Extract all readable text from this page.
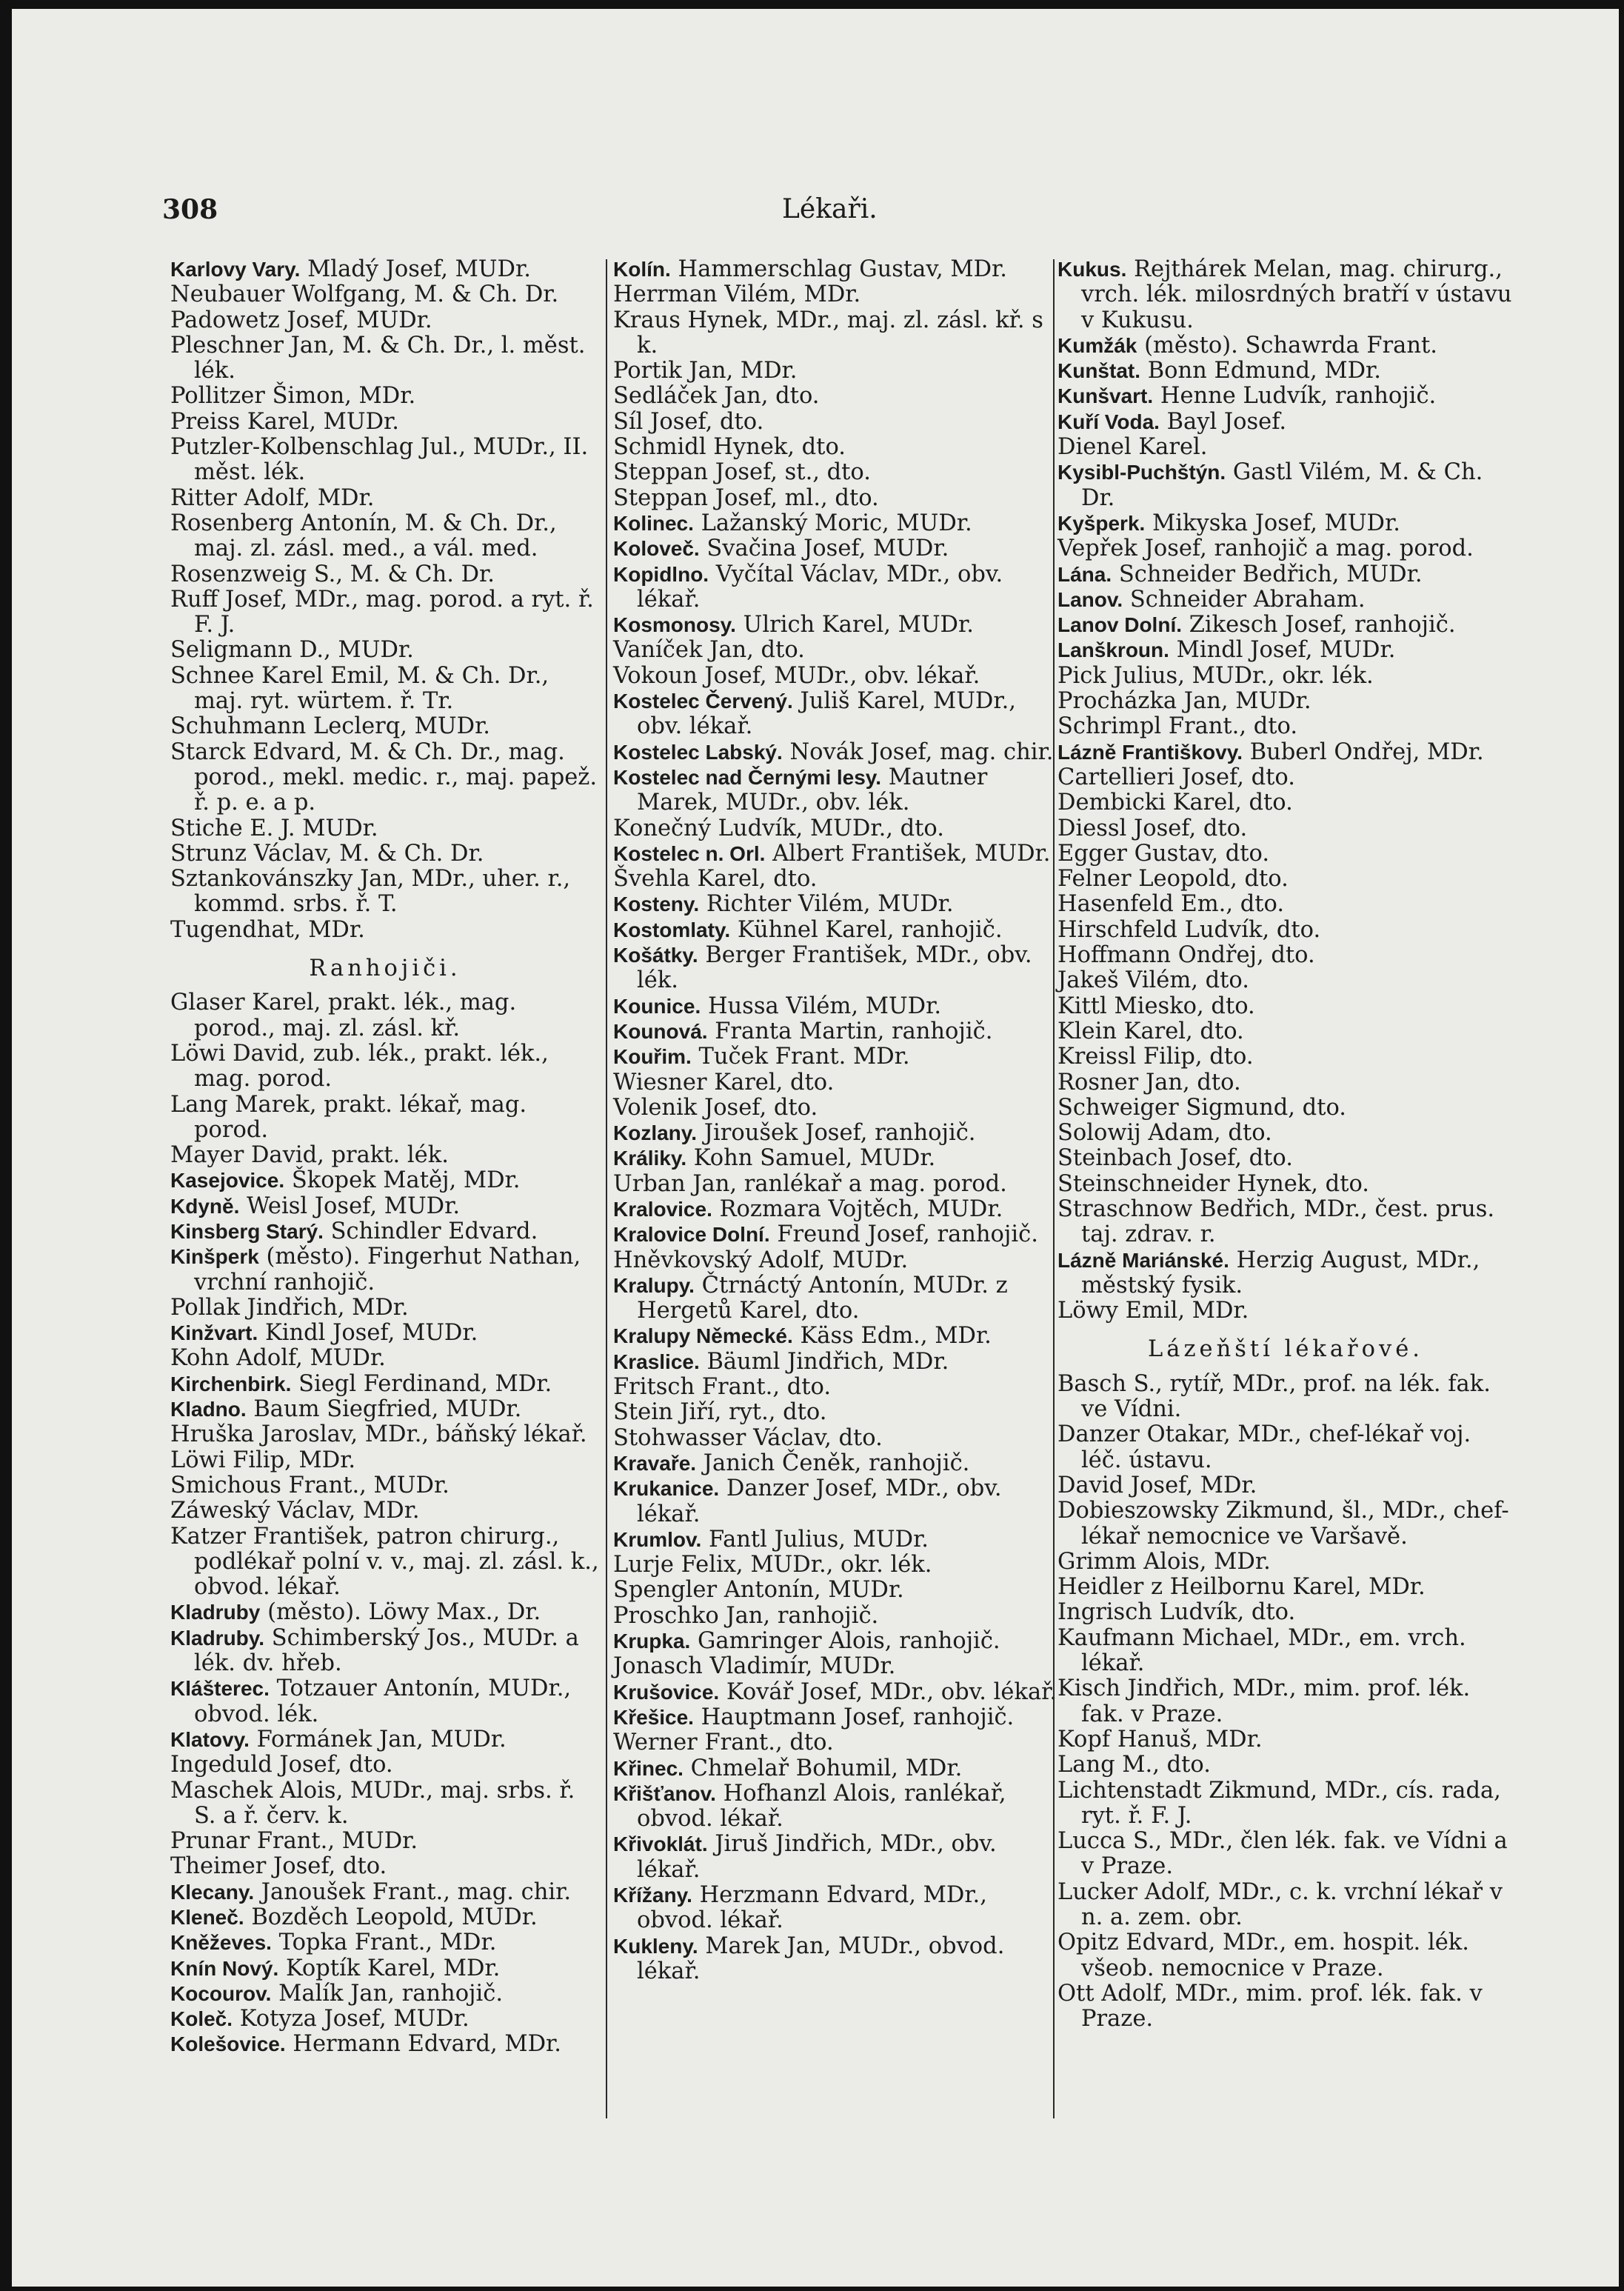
308	Lékaři.
Karlovy Vary. Mladý Josef, MUDr.
Neubauer Wolfgang, M. & Ch. Dr.
Padowetz Josef, MUDr.
Pleschner Jan, M. & Ch. Dr., l. měst. lék.
Pollitzer Šimon, MDr.
Preiss Karel, MUDr.
Putzler-Kolbenschlag Jul., MUDr., II. měst. lék.
Ritter Adolf, MDr.
Rosenberg Antonín, M. & Ch. Dr., maj. zl. zásl. med., a vál. med.
Rosenzweig S., M. & Ch. Dr.
Ruff Josef, MDr., mag. porod. a ryt. ř. F. J.
Seligmann D., MUDr.
Schnee Karel Emil, M. & Ch. Dr., maj. ryt. würtem. ř. Tr.
Schuhmann Leclerq, MUDr.
Starck Edvard, M. & Ch. Dr., mag. porod., mekl. medic. r., maj. papež. ř. p. e. a p.
Stiche E. J. MUDr.
Strunz Václav, M. & Ch. Dr.
Sztankovánszky Jan, MDr., uher. r., kommd. srbs. ř. T.
Tugendhat, MDr.
Ranhojiči.
Glaser Karel, prakt. lék., mag. porod., maj. zl. zásl. kř.
Löwi David, zub. lék., prakt. lék., mag. porod.
Lang Marek, prakt. lékař, mag. porod.
Mayer David, prakt. lék.
Kasejovice. Škopek Matěj, MDr.
Kdyně. Weisl Josef, MUDr.
Kinsberg Starý. Schindler Edvard.
Kinšperk (město). Fingerhut Nathan, vrchní ranhojič.
Pollak Jindřich, MDr.
Kinžvart. Kindl Josef, MUDr.
Kohn Adolf, MUDr.
Kirchenbirk. Siegl Ferdinand, MDr.
Kladno. Baum Siegfried, MUDr.
Hruška Jaroslav, MDr., báňský lékař.
Löwi Filip, MDr.
Smichous Frant., MUDr.
Záweský Václav, MDr.
Katzer František, patron chirurg., podlékař polní v. v., maj. zl. zásl. k., obvod. lékař.
Kladruby (město). Löwy Max., Dr.
Kladruby. Schimberský Jos., MUDr. a lék. dv. hřeb.
Klášterec. Totzauer Antonín, MUDr., obvod. lék.
Klatovy. Formánek Jan, MUDr.
Ingeduld Josef, dto.
Maschek Alois, MUDr., maj. srbs. ř. S. a ř. červ. k.
Prunar Frant., MUDr.
Theimer Josef, dto.
Klecany. Janoušek Frant., mag. chir.
Kleneč. Bozděch Leopold, MUDr.
Kněževes. Topka Frant., MDr.
Knín Nový. Koptík Karel, MDr.
Kocourov. Malík Jan, ranhojič.
Koleč. Kotyza Josef, MUDr.
Kolešovice. Hermann Edvard, MDr.
Kolín. Hammerschlag Gustav, MDr.
Herrman Vilém, MDr.
Kraus Hynek, MDr., maj. zl. zásl. kř. s k.
Portik Jan, MDr.
Sedláček Jan, dto.
Síl Josef, dto.
Schmidl Hynek, dto.
Steppan Josef, st., dto.
Steppan Josef, ml., dto.
Kolinec. Lažanský Moric, MUDr.
Koloveč. Svačina Josef, MUDr.
Kopidlno. Vyčítal Václav, MDr., obv. lékař.
Kosmonosy. Ulrich Karel, MUDr.
Vaníček Jan, dto.
Vokoun Josef, MUDr., obv. lékař.
Kostelec Červený. Juliš Karel, MUDr., obv. lékař.
Kostelec Labský. Novák Josef, mag. chir.
Kostelec nad Černými lesy. Mautner Marek, MUDr., obv. lék.
Konečný Ludvík, MUDr., dto.
Kostelec n. Orl. Albert František, MUDr.
Švehla Karel, dto.
Kosteny. Richter Vilém, MUDr.
Kostomlaty. Kühnel Karel, ranhojič.
Košátky. Berger František, MDr., obv. lék.
Kounice. Hussa Vilém, MUDr.
Kounová. Franta Martin, ranhojič.
Kouřim. Tuček Frant. MDr.
Wiesner Karel, dto.
Volenik Josef, dto.
Kozlany. Jiroušek Josef, ranhojič.
Králiky. Kohn Samuel, MUDr.
Urban Jan, ranlékař a mag. porod.
Kralovice. Rozmara Vojtěch, MUDr.
Kralovice Dolní. Freund Josef, ranhojič.
Hněvkovský Adolf, MUDr.
Kralupy. Čtrnáctý Antonín, MUDr. z Hergetů Karel, dto.
Kralupy Německé. Käss Edm., MDr.
Kraslice. Bäuml Jindřich, MDr.
Fritsch Frant., dto.
Stein Jiří, ryt., dto.
Stohwasser Václav, dto.
Kravaře. Janich Čeněk, ranhojič.
Krukanice. Danzer Josef, MDr., obv. lékař.
Krumlov. Fantl Julius, MUDr.
Lurje Felix, MUDr., okr. lék.
Spengler Antonín, MUDr.
Proschko Jan, ranhojič.
Krupka. Gamringer Alois, ranhojič.
Jonasch Vladimír, MUDr.
Krušovice. Kovář Josef, MDr., obv. lékař.
Křešice. Hauptmann Josef, ranhojič.
Werner Frant., dto.
Křinec. Chmelař Bohumil, MDr.
Křišťanov. Hofhanzl Alois, ranlékař, obvod. lékař.
Křivoklát. Jiruš Jindřich, MDr., obv. lékař.
Křížany. Herzmann Edvard, MDr., obvod. lékař.
Kukleny. Marek Jan, MUDr., obvod. lékař.
Kukus. Rejthárek Melan, mag. chirurg., vrch. lék. milosrdných bratří v ústavu v Kukusu.
Kumžák (město). Schawrda Frant.
Kunštat. Bonn Edmund, MDr.
Kunšvart. Henne Ludvík, ranhojič.
Kuří Voda. Bayl Josef.
Dienel Karel.
Kysibl-Puchštýn. Gastl Vilém, M. & Ch. Dr.
Kyšperk. Mikyska Josef, MUDr.
Vepřek Josef, ranhojič a mag. porod.
Lána. Schneider Bedřich, MUDr.
Lanov. Schneider Abraham.
Lanov Dolní. Zikesch Josef, ranhojič.
Lanškroun. Mindl Josef, MUDr.
Pick Julius, MUDr., okr. lék.
Procházka Jan, MUDr.
Schrimpl Frant., dto.
Lázně Františkovy. Buberl Ondřej, MDr.
Cartellieri Josef, dto.
Dembicki Karel, dto.
Diessl Josef, dto.
Egger Gustav, dto.
Felner Leopold, dto.
Hasenfeld Em., dto.
Hirschfeld Ludvík, dto.
Hoffmann Ondřej, dto.
Jakeš Vilém, dto.
Kittl Miesko, dto.
Klein Karel, dto.
Kreissl Filip, dto.
Rosner Jan, dto.
Schweiger Sigmund, dto.
Solowij Adam, dto.
Steinbach Josef, dto.
Steinschneider Hynek, dto.
Straschnow Bedřich, MDr., čest. prus. taj. zdrav. r.
Lázně Mariánské. Herzig August, MDr., městský fysik.
Löwy Emil, MDr.
Lázeňští lékařové.
Basch S., rytíř, MDr., prof. na lék. fak. ve Vídni.
Danzer Otakar, MDr., chef-lékař voj. léč. ústavu.
David Josef, MDr.
Dobieszowsky Zikmund, šl., MDr., chef-lékař nemocnice ve Varšavě.
Grimm Alois, MDr.
Heidler z Heilbornu Karel, MDr.
Ingrisch Ludvík, dto.
Kaufmann Michael, MDr., em. vrch. lékař.
Kisch Jindřich, MDr., mim. prof. lék. fak. v Praze.
Kopf Hanuš, MDr.
Lang M., dto.
Lichtenstadt Zikmund, MDr., cís. rada, ryt. ř. F. J.
Lucca S., MDr., člen lék. fak. ve Vídni a v Praze.
Lucker Adolf, MDr., c. k. vrchní lékař v n. a. zem. obr.
Opitz Edvard, MDr., em. hospit. lék. všeob. nemocnice v Praze.
Ott Adolf, MDr., mim. prof. lék. fak. v Praze.
